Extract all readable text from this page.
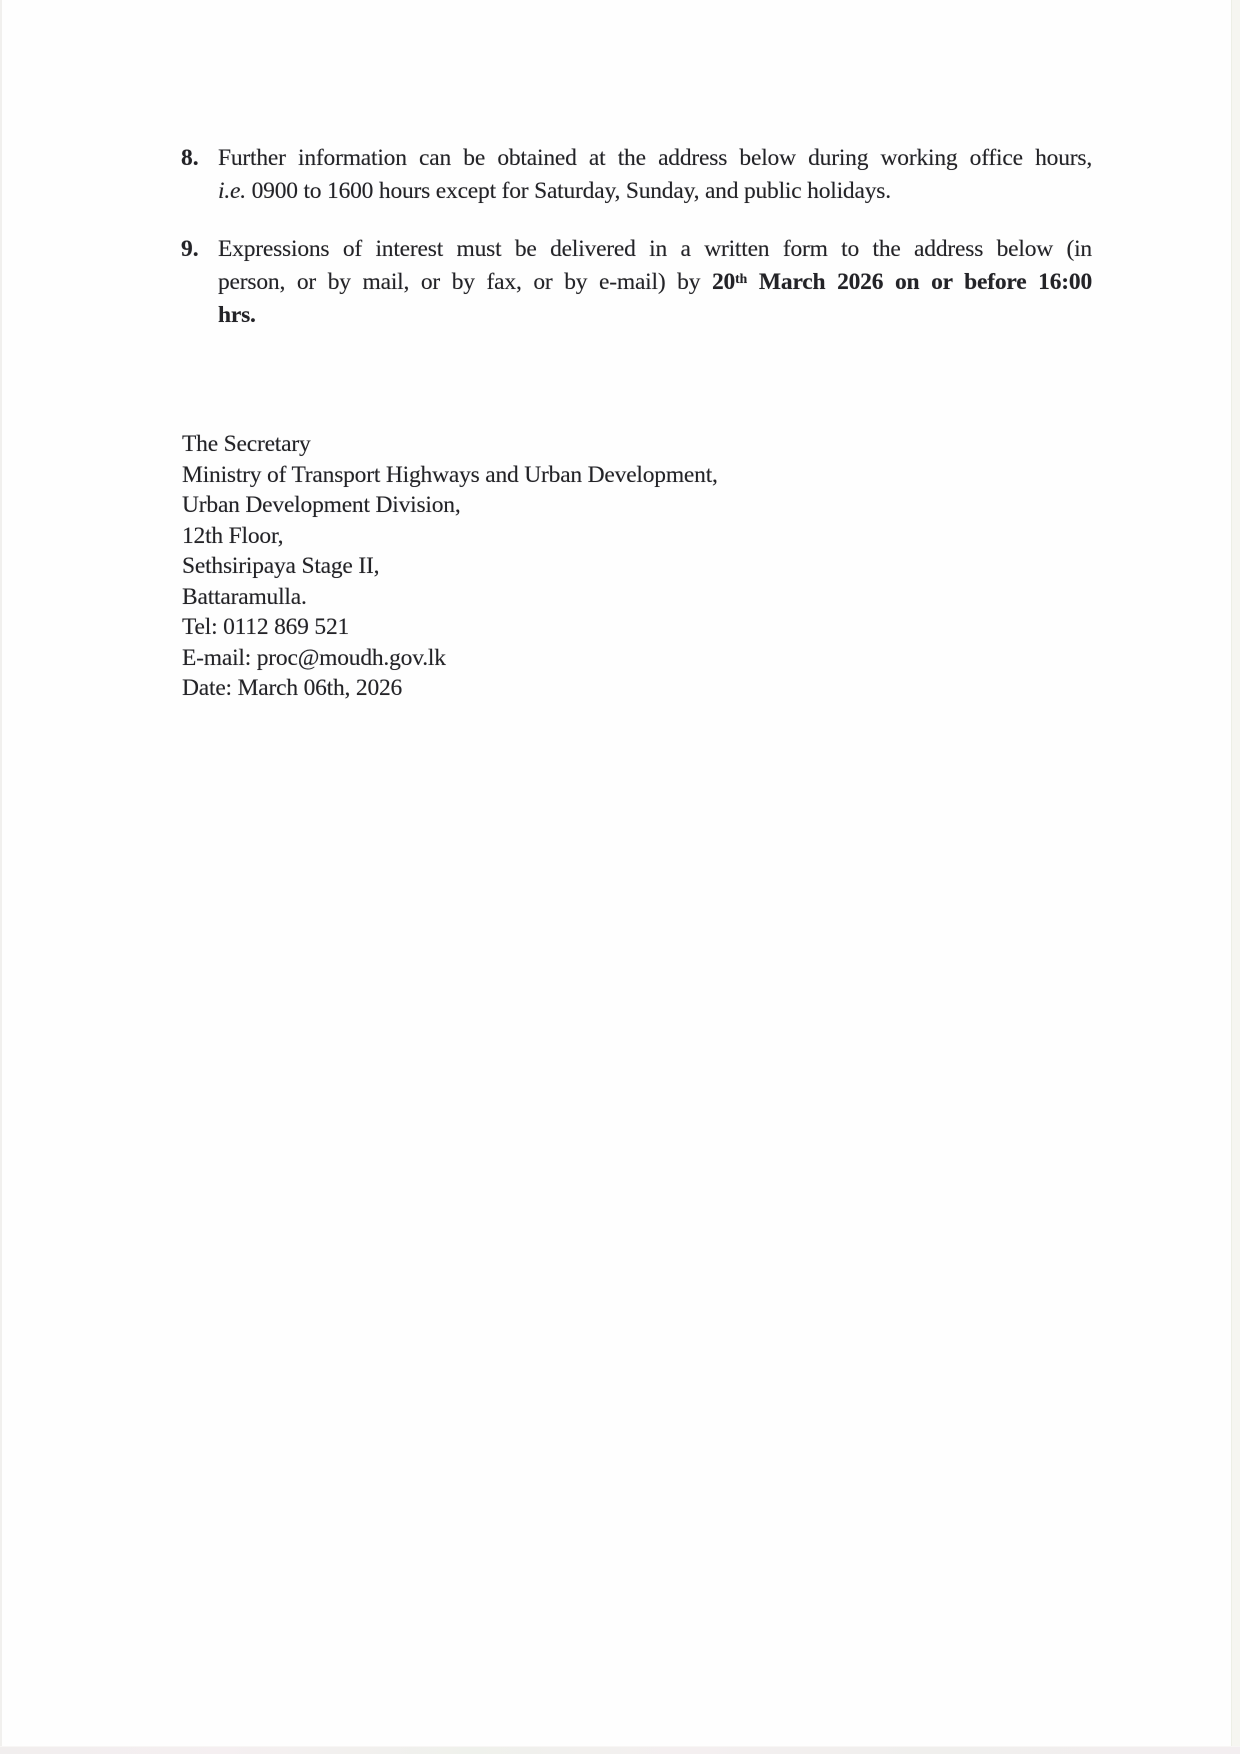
8. Further information can be obtained at the address below during working office hours,
i.e. 0900 to 1600 hours except for Saturday, Sunday, and public holidays.
9. Expressions of interest must be delivered in a written form to the address below (in
person, or by mail, or by fax, or by e-mail) by 20th March 2026 on or before 16:00
hrs.
The Secretary
Ministry of Transport Highways and Urban Development,
Urban Development Division,
12th Floor,
Sethsiripaya Stage II,
Battaramulla.
Tel: 0112 869 521
E-mail: proc@moudh.gov.lk
Date: March 06th, 2026
